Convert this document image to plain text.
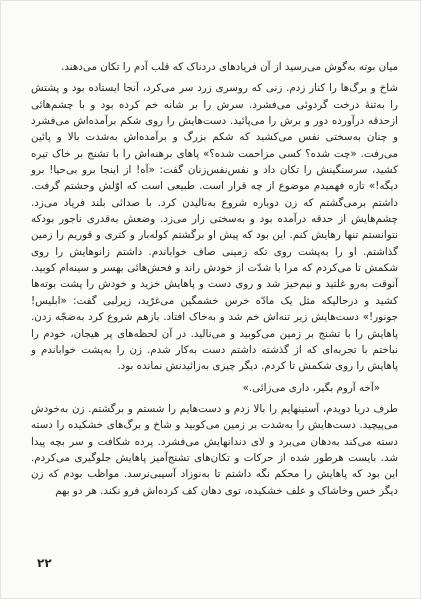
میان بوته به‌گوش می‌رسید از آن فریادهای دردناک که قلب آدم را تکان می‌دهند.

شاخ و برگ‌ها را کنار زدم. زنی که روسری زرد سر می‌کرد، آنجا ایستاده بود و پشتش را به‌تنهٔ درخت گردوئی می‌فشرد. سرش را بر شانه خم کرده بود و با چشم‌هائی ازحدقه درآورده دور و برش را می‌پائید. دست‌هایش را روی شکم برآمده‌اش می‌فشرد و چنان به‌سختی نفس می‌کشید که شکم بزرگ و برآمده‌اش به‌شدت بالا و پائین می‌رفت. «چت شده؟ کسی مزاحمت شده؟» پاهای برهنه‌اش را با تشنج بر خاک تیره کشید، سرسنگینش را تکان داد و نفس‌نفس‌زنان گفت: «آه! از اینجا برو بی‌حیا! برو دیگه!» تازه فهمیدم موضوع از چه قرار است. طبیعی است که اوّلش وحشتم گرفت. داشتم برمی‌گشتم که زن دوباره شروع به‌نالیدن کرد. با صدائی بلند فریاد می‌زد. چشم‌هایش از حدقه درآمده بود و به‌سختی زار می‌زد. وضعش به‌قدری ناجور بودکه نتوانستم تنها رهایش کنم. این بود که پیش او برگشتم کوله‌بار و کتری و قوریم را زمین گذاشتم. او را به‌پشت روی تکه زمینی صاف خواباندم. داشتم زانوهایش را روی شکمش تا می‌کردم که مرا با شدّت از خودش راند و فحش‌هائی بهسر و سینه‌ام کوبید. آنوقت به‌رو غلتید و نیم‌خیز شد و روی دست و پاهایش خزید و خودش را پشت بوته‌ها کشید و درحالیکه مثل یک مادّه خرس خشمگین می‌غرّید، زیرلبی گفت: «ابلیس! جونور!» دست‌هایش زیر تنه‌اش خم شد و به‌خاک افتاد. بازهم شروع کرد به‌ضجّه زدن. پاهایش را با تشنج بر زمین می‌کوبید و می‌نالید. در آن لحظه‌های پر هیجان، خودم را نباختم با تجربه‌ای که از گذشته داشتم دست به‌کار شدم. زن را به‌پشت خواباندم و پاهایش را روی شکمش تا کردم. دیگر چیزی به‌زائیدنش نمانده بود.

«آخه آروم بگیر، داری می‌زائی.»

طرف دریا دویدم، آستینهایم را بالا زدم و دست‌هایم را شستم و برگشتم. زن به‌خودش می‌پیچید. دست‌هایش را به‌شدت بر زمین می‌کوبید و شاخ و برگ‌های خشکیده را دسته دسته می‌کند به‌دهان می‌برد و لای دندانهایش می‌فشرد. پرده شکافت و سر بچه پیدا شد. بایست هرطور شده از حرکات و تکان‌های تشنج‌آمیز پاهایش جلوگیری می‌کردم. این بود که پاهایش را محکم نگه داشتم تا به‌نوزاد آسیبی‌نرسد. مواظب بودم که زن دیگر خس وخاشاک و علف خشکیده، توی دهان کف کرده‌اش فرو نکند. هر دو بهم

۲۲
